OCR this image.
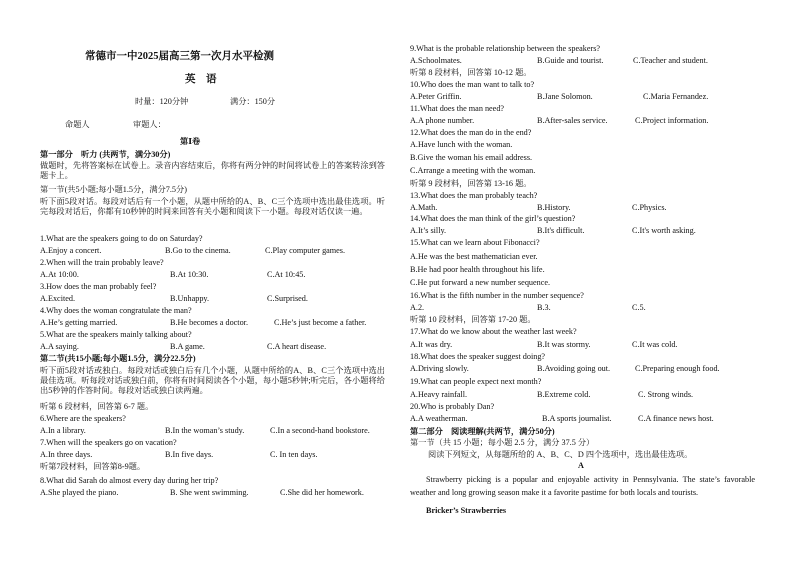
常德市一中2025届高三第一次月水平检测
英　语
时量：120分钟	满分：150分
命题人	审题人：
第Ⅰ卷
第一部分　听力 (共两节，满分30分)
做题时，先将答案标在试卷上。录音内容结束后，你将有两分钟的时间将试卷上的答案转涂到答题卡上。
第一节(共5小题;每小题1.5分，满分7.5分)
听下面5段对话。每段对话后有一个小题，从题中所给的A、B、C三个选项中选出最佳选项。听完每段对话后，你都有10秒钟的时间来回答有关小题和阅读下一小题。每段对话仅读一遍。
1.What are the speakers going to do on Saturday?
A.Enjoy a concert.	B.Go to the cinema.	C.Play computer games.
2.When will the train probably leave?
A.At 10:00.	B.At 10:30.	C.At 10:45.
3.How does the man probably feel?
A.Excited.	B.Unhappy.	C.Surprised.
4.Why does the woman congratulate the man?
A.He’s getting married.	B.He becomes a doctor.	C.He’s just become a father.
5.What are the speakers mainly talking about?
A.A saying.	B.A game.	C.A heart disease.
第二节(共15小题;每小题1.5分，满分22.5分)
听下面5段对话或独白。每段对话或独白后有几个小题，从题中所给的A、B、C三个选项中选出最佳选项。听每段对话或独白前，你将有时间阅读各个小题，每小题5秒钟;听完后，各小题将给出5秒钟的作答时间。每段对话或独白读两遍。
听第 6 段材料，回答第 6-7 题。
6.Where are the speakers?
A.In a library.	B.In the woman’s study.	C.In a second-hand bookstore.
7.When will the speakers go on vacation?
A.In three days.	B.In five days.	C. In ten days.
听第7段材料，回答第8-9题。
8.What did Sarah do almost every day during her trip?
A.She played the piano.	B. She went swimming.	C.She did her homework.
9.What is the probable relationship between the speakers?
A.Schoolmates.	B.Guide and tourist.	C.Teacher and student.
听第 8 段材料，回答第 10-12 题。
10.Who does the man want to talk to?
A.Peter Griffin.	B.Jane Solomon.	C.Maria Fernandez.
11.What does the man need?
A.A phone number.	B.After-sales service.	C.Project information.
12.What does the man do in the end?
A.Have lunch with the woman.
B.Give the woman his email address.
C.Arrange a meeting with the woman.
听第 9 段材料，回答第 13-16 题。
13.What does the man probably teach?
A.Math.	B.History.	C.Physics.
14.What does the man think of the girl’s question?
A.It’s silly.	B.It's difficult.	C.It's worth asking.
15.What can we learn about Fibonacci?
A.He was the best mathematician ever.
B.He had poor health throughout his life.
C.He put forward a new number sequence.
16.What is the fifth number in the number sequence?
A.2.	B.3.	C.5.
听第 10 段材料，回答第 17-20 题。
17.What do we know about the weather last week?
A.It was dry.	B.It was stormy.	C.It was cold.
18.What does the speaker suggest doing?
A.Driving slowly.	B.Avoiding going out.	C.Preparing enough food.
19.What can people expect next month?
A.Heavy rainfall.	B.Extreme cold.	C. Strong winds.
20.Who is probably Dan?
A.A weatherman.	B.A sports journalist.	C.A finance news host.
第二部分　阅读理解(共两节，满分50分)
第一节（共 15 小题；每小题 2.5 分，满分 37.5 分）
阅读下列短文，从每题所给的 A、B、C、D 四个选项中，选出最佳选项。
A
Strawberry picking is a popular and enjoyable activity in Pennsylvania. The state’s favorable weather and long growing season make it a favorite pastime for both locals and tourists.
Bricker’s Strawberries
